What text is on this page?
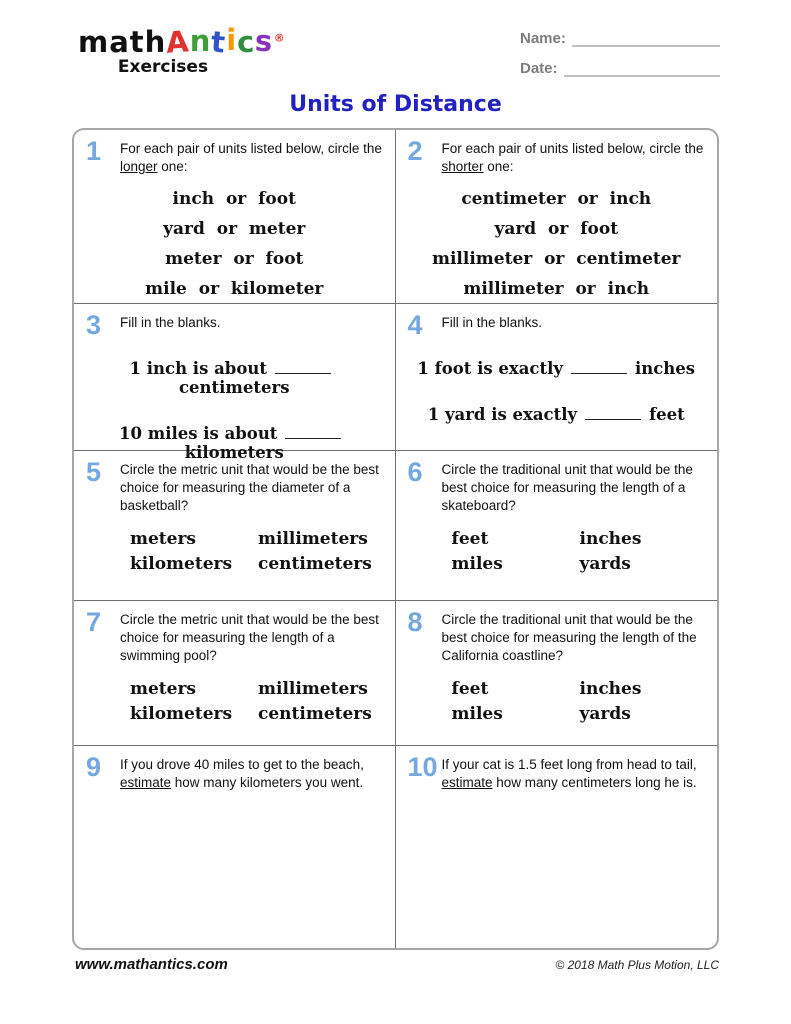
mathAntics®
Exercises
Name:
Date:
Units of Distance
1	For each pair of units listed below, circle the longer one:
inch or foot
yard or meter
meter or foot
mile or kilometer
2	For each pair of units listed below, circle the shorter one:
centimeter or inch
yard or foot
millimeter or centimeter
millimeter or inch
3	Fill in the blanks.
1 inch is aboutcentimeters
10 miles is aboutkilometers
4	Fill in the blanks.
1 foot is exactly	inches
1 yard is exactly	feet
5	Circle the metric unit that would be the best choice for measuring the diameter of a basketball?
meters	millimeters
kilometers	centimeters
6	Circle the traditional unit that would be the best choice for measuring the length of a skateboard?
feet	inches
miles	yards
7	Circle the metric unit that would be the best choice for measuring the length of a swimming pool?
meters	millimeters
kilometers	centimeters
8	Circle the traditional unit that would be the best choice for measuring the length of the California coastline?
feet	inches
miles	yards
9	If you drove 40 miles to get to the beach, estimate how many kilometers you went.
10 If your cat is 1.5 feet long from head to tail, estimate how many centimeters long he is.
www.mathantics.com	© 2018 Math Plus Motion, LLC
